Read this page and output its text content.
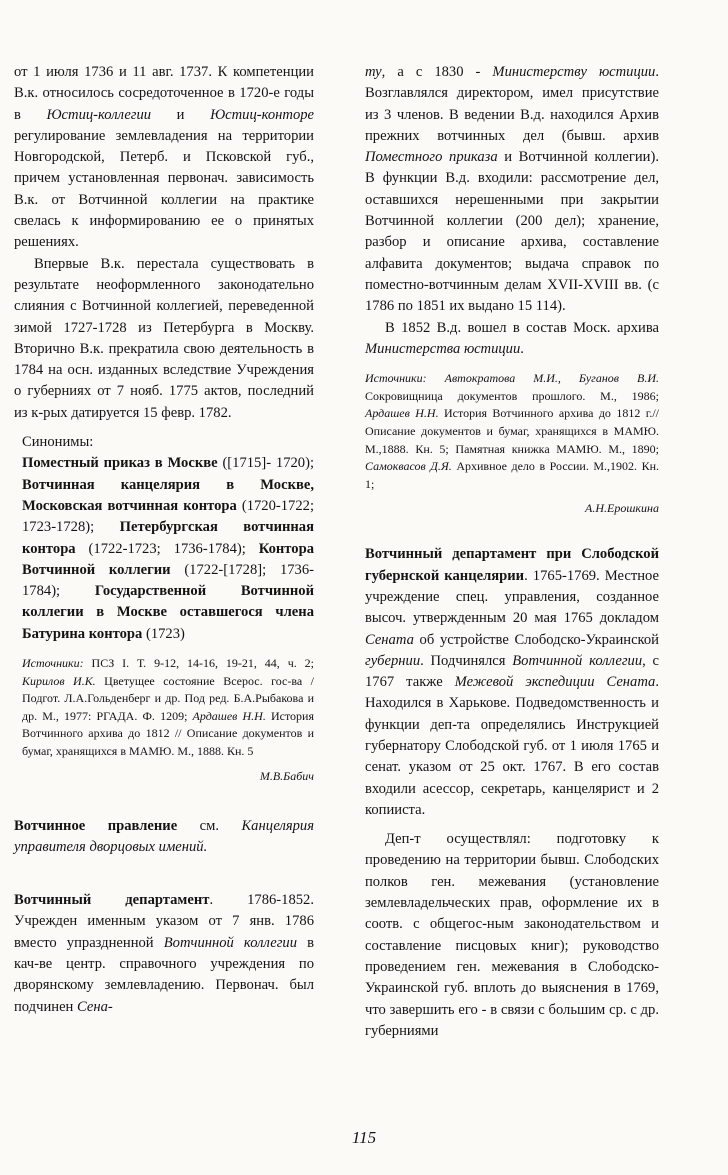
от 1 июля 1736 и 11 авг. 1737. К компетенции В.к. относилось сосредоточенное в 1720-е годы в Юстиц-коллегии и Юстиц-конторе регулирование землевладения на территории Новгородской, Петерб. и Псковской губ., причем установленная первонач. зависимость В.к. от Вотчинной коллегии на практике свелась к информированию ее о принятых решениях.

Впервые В.к. перестала существовать в результате неоформленного законодательно слияния с Вотчинной коллегией, переведенной зимой 1727-1728 из Петербурга в Москву. Вторично В.к. прекратила свою деятельность в 1784 на осн. изданных вследствие Учреждения о губерниях от 7 нояб. 1775 актов, последний из к-рых датируется 15 февр. 1782.

Синонимы:

Поместный приказ в Москве ([1715]- 1720); Вотчинная канцелярия в Москве, Московская вотчинная контора (1720-1722; 1723-1728); Петербургская вотчинная контора (1722-1723; 1736-1784); Контора Вотчинной коллегии (1722-[1728]; 1736-1784); Государственной Вотчинной коллегии в Москве оставшегося члена Батурина контора (1723)

Источники: ПСЗ I. Т. 9-12, 14-16, 19-21, 44, ч. 2; Кирилов И.К. Цветущее состояние Всерос. гос-ва / Подгот. Л.А.Гольденберг и др. Под ред. Б.А.Рыбакова и др. М., 1977: РГАДА. Ф. 1209; Ардашев Н.Н. История Вотчинного архива до 1812 // Описание документов и бумаг, хранящихся в МАМЮ. М., 1888. Кн. 5

М.В.Бабич

Вотчинное правление см. Канцелярия управителя дворцовых имений.

Вотчинный департамент. 1786-1852. Учрежден именным указом от 7 янв. 1786 вместо упраздненной Вотчинной коллегии в кач-ве центр. справочного учреждения по дворянскому землевладению. Первонач. был подчинен Сена-

ту, а с 1830 - Министерству юстиции. Возглавлялся директором, имел присутствие из 3 членов. В ведении В.д. находился Архив прежних вотчинных дел (бывш. архив Поместного приказа и Вотчинной коллегии). В функции В.д. входили: рассмотрение дел, оставшихся нерешенными при закрытии Вотчинной коллегии (200 дел); хранение, разбор и описание архива, составление алфавита документов; выдача справок по поместно-вотчинным делам XVII-XVIII вв. (с 1786 по 1851 их выдано 15 114).

В 1852 В.д. вошел в состав Моск. архива Министерства юстиции.

Источники: Автократова М.И., Буганов В.И. Сокровищница документов прошлого. М., 1986; Ардашев Н.Н. История Вотчинного архива до 1812 г.// Описание документов и бумаг, хранящихся в МАМЮ. М.,1888. Кн. 5; Памятная книжка МАМЮ. М., 1890; Самоквасов Д.Я. Архивное дело в России. М.,1902. Кн. 1;

А.Н.Ерошкина

Вотчинный департамент при Слободской губернской канцелярии. 1765-1769. Местное учреждение спец. управления, созданное высоч. утвержденным 20 мая 1765 докладом Сената об устройстве Слободско-Украинской губернии. Подчинялся Вотчинной коллегии, с 1767 также Межевой экспедиции Сената. Находился в Харькове. Подведомственность и функции деп-та определялись Инструкцией губернатору Слободской губ. от 1 июля 1765 и сенат. указом от 25 окт. 1767. В его состав входили асессор, секретарь, канцелярист и 2 копииста.

Деп-т осуществлял: подготовку к проведению на территории бывш. Слободских полков ген. межевания (установление землевладельческих прав, оформление их в соотв. с общегос-ным законодательством и составление писцовых книг); руководство проведением ген. межевания в Слободско-Украинской губ. вплоть до выяснения в 1769, что завершить его - в связи с большим ср. с др. губерниями

115
